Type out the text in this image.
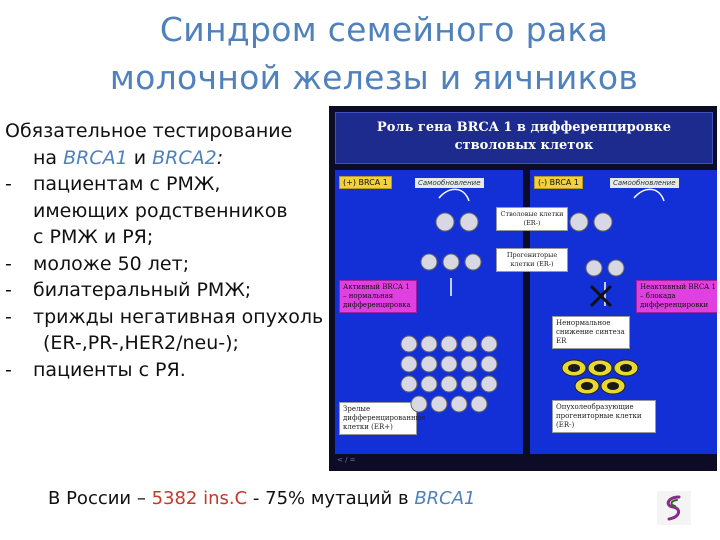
Синдром семейного рака
молочной железы и яичников
Обязательное тестирование
на BRCA1 и BRCA2:
- пациентам с РМЖ,
имеющих родственников
с РМЖ и РЯ;
- моложе 50 лет;
- билатеральный РМЖ;
- трижды негативная опухоль
(ER-,PR-,HER2/neu-);
- пациенты с РЯ.
Роль гена BRCA 1 в дифференцировке
стволовых клеток
(+) BRCA 1	Самообновление
Активный BRCA 1 – нормальная дифференцировка
Зрелые дифференцированные клетки (ER+)
(-) BRCA 1	Самообновление
Неактивный BRCA 1 – блокада дифференцировки
Ненормальное снижение синтеза ER
Опухолеобразующие прогениторные клетки (ER-)
Стволовые клетки (ER-)
Прогениторые клетки (ER-)
< / =
В России – 5382 ins.C - 75% мутаций в BRCA1
